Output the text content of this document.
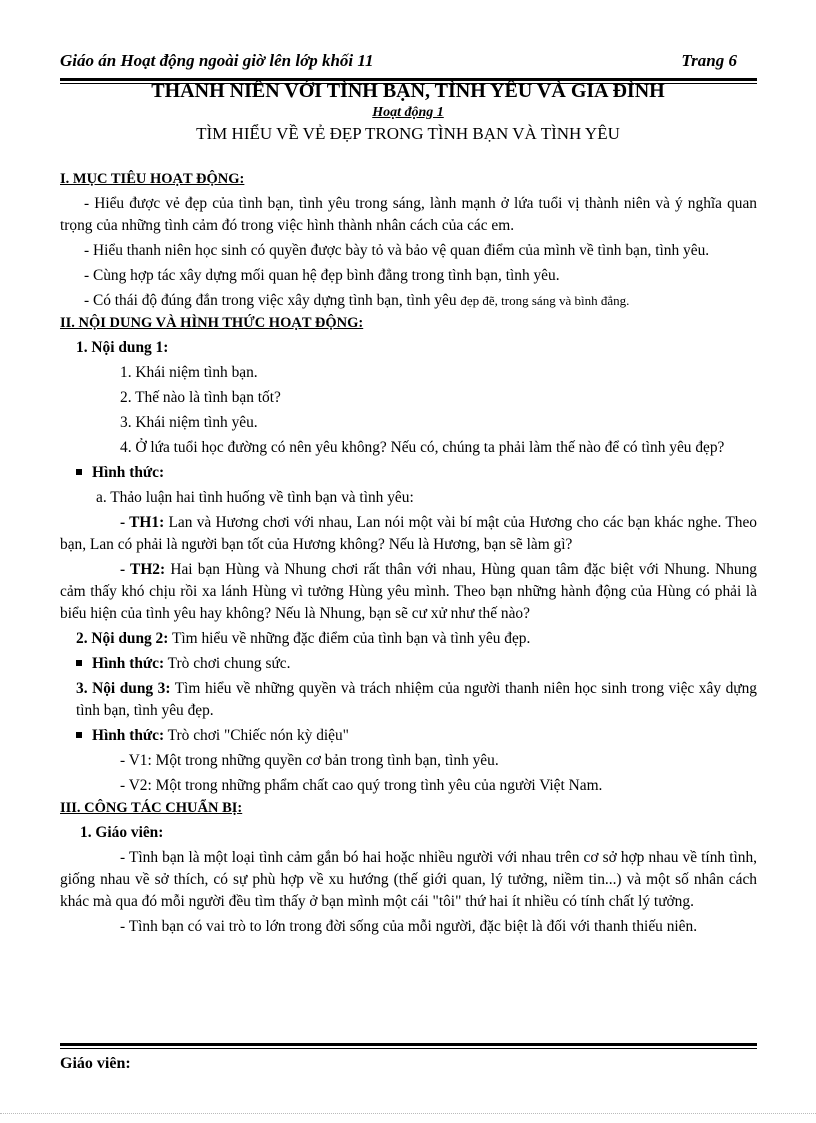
Giáo án Hoạt động ngoài giờ lên lớp khối 11	Trang 6
THANH NIÊN VỚI TÌNH BẠN, TÌNH YÊU VÀ GIA ĐÌNH
Hoạt động 1
TÌM HIỂU VỀ VẺ ĐẸP TRONG TÌNH BẠN VÀ TÌNH YÊU

I. MỤC TIÊU HOẠT ĐỘNG:

- Hiểu được vẻ đẹp của tình bạn, tình yêu trong sáng, lành mạnh ở lứa tuổi vị thành niên và ý nghĩa quan trọng của những tình cảm đó trong việc hình thành nhân cách của các em.

- Hiểu thanh niên học sinh có quyền được bày tỏ và bảo vệ quan điểm của mình về tình bạn, tình yêu.

- Cùng hợp tác xây dựng mối quan hệ đẹp bình đẳng trong tình bạn, tình yêu.

- Có thái độ đúng đắn trong việc xây dựng tình bạn, tình yêu đẹp đẽ, trong sáng và bình đẳng.

II. NỘI DUNG VÀ HÌNH THỨC HOẠT ĐỘNG:

1. Nội dung 1:

1. Khái niệm tình bạn.

2. Thế nào là tình bạn tốt?

3. Khái niệm tình yêu.

4. Ở lứa tuổi học đường có nên yêu không? Nếu có, chúng ta phải làm thế nào để có tình yêu đẹp?

Hình thức:

a. Thảo luận hai tình huống về tình bạn và tình yêu:

- TH1: Lan và Hương chơi với nhau, Lan nói một vài bí mật của Hương cho các bạn khác nghe. Theo bạn, Lan có phải là người bạn tốt của Hương không? Nếu là Hương, bạn sẽ làm gì?

- TH2: Hai bạn Hùng và Nhung chơi rất thân với nhau, Hùng quan tâm đặc biệt với Nhung. Nhung cảm thấy khó chịu rồi xa lánh Hùng vì tưởng Hùng yêu mình. Theo bạn những hành động của Hùng có phải là biểu hiện của tình yêu hay không? Nếu là Nhung, bạn sẽ cư xử như thế nào?

2. Nội dung 2: Tìm hiểu về những đặc điểm của tình bạn và tình yêu đẹp.

Hình thức: Trò chơi chung sức.

3. Nội dung 3: Tìm hiểu về những quyền và trách nhiệm của người thanh niên học sinh trong việc xây dựng tình bạn, tình yêu đẹp.

Hình thức: Trò chơi "Chiếc nón kỳ diệu"

- V1: Một trong những quyền cơ bản trong tình bạn, tình yêu.

- V2: Một trong những phẩm chất cao quý trong tình yêu của người Việt Nam.

III. CÔNG TÁC CHUẨN BỊ:

1. Giáo viên:

- Tình bạn là một loại tình cảm gắn bó hai hoặc nhiều người với nhau trên cơ sở hợp nhau về tính tình, giống nhau về sở thích, có sự phù hợp về xu hướng (thế giới quan, lý tưởng, niềm tin...) và một số nhân cách khác mà qua đó mỗi người đều tìm thấy ở bạn mình một cái "tôi" thứ hai ít nhiều có tính chất lý tưởng.

- Tình bạn có vai trò to lớn trong đời sống của mỗi người, đặc biệt là đối với thanh thiếu niên.

Giáo viên:
